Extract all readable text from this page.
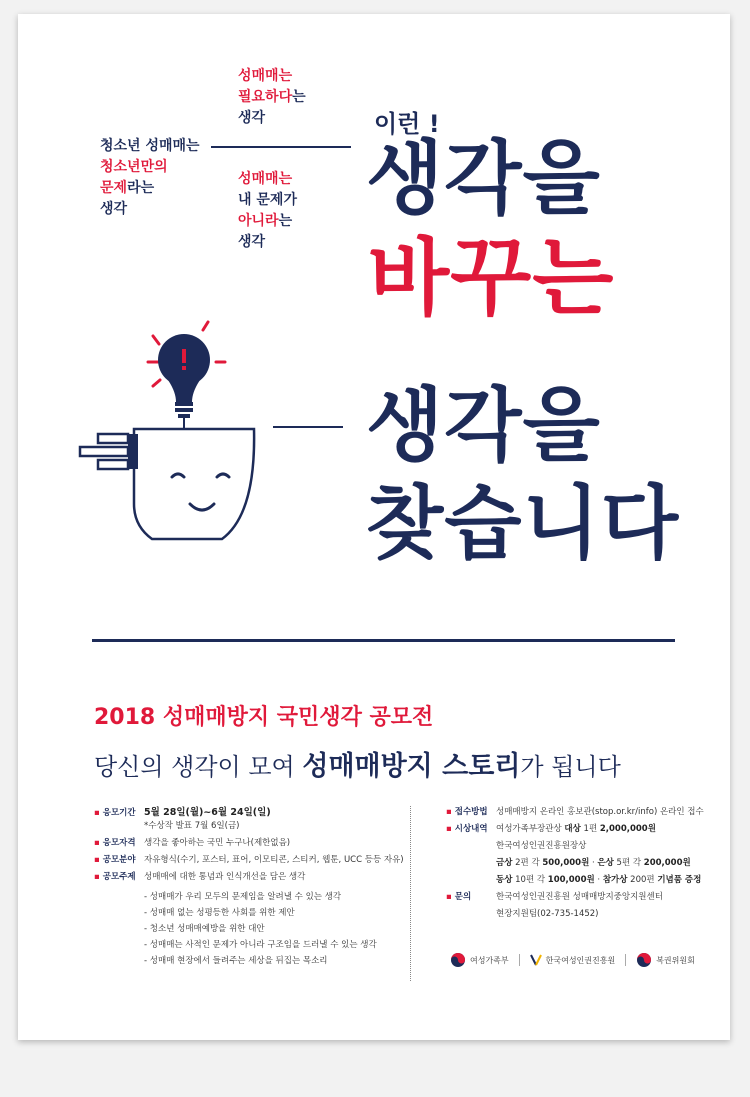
청소년 성매매는
청소년만의
문제라는
생각
성매매는
필요하다는
생각
성매매는
내 문제가
아니라는
생각
이런 !
생각을
바꾸는
생각을
찾습니다
2018 성매매방지 국민생각 공모전
당신의 생각이 모여 성매매방지 스토리가 됩니다
▪ 응모기간 5월 28일(월)~6월 24일(일)
*수상작 발표 7월 6일(금)
▪ 응모자격 생각을 좋아하는 국민 누구나(제한없음)
▪ 공모분야 자유형식(수기, 포스터, 표어, 이모티콘, 스티커, 웹툰, UCC 등등 자유)
▪ 공모주제 성매매에 대한 통념과 인식개선을 담은 생각
- 성매매가 우리 모두의 문제임을 알려낼 수 있는 생각
- 성매매 없는 성평등한 사회를 위한 제안
- 청소년 성매매예방을 위한 대안
- 성매매는 사적인 문제가 아니라 구조임을 드러낼 수 있는 생각
- 성매매 현장에서 들려주는 세상을 뒤집는 목소리
▪ 접수방법 성매매방지 온라인 홍보관(stop.or.kr/info) 온라인 접수
▪ 시상내역 여성가족부장관상 대상 1편 2,000,000원
한국여성인권진흥원장상
금상 2편 각 500,000원 · 은상 5편 각 200,000원
동상 10편 각 100,000원 · 참가상 200편 기념품 증정
▪ 문의	한국여성인권진흥원 성매매방지중앙지원센터
현장지원팀(02-735-1452)
여성가족부	한국여성인권진흥원	복권위원회
